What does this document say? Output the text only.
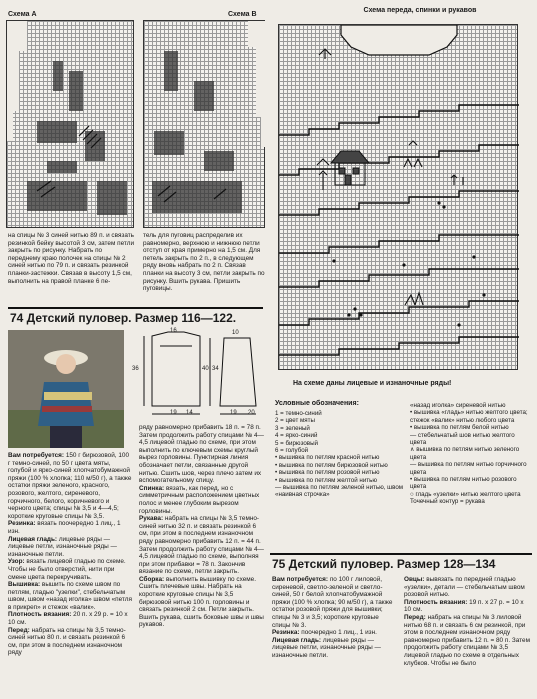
Схема А	Схема В
Схема переда, спинки и рукавов
На схеме даны лицевые и изнаночные ряды!

на спицы № 3 синей нитью 89 п. и связать резинкой бейку высотой 3 см, затем петли закрыть по рисунку. Набрать по переднему краю полочек на спицы № 2 синей нитью по 79 п. и связать резинкой планки-застежки. Связав в высоту 1,5 см, выполнить на правой планке 6 пе-

тель для пуговиц распределив их равномерно, верхнюю и нижнюю петли отступ от края примерно на 1,5 см. Для петель закрыть по 2 п., в следующем ряду вновь набрать по 2 п. Связав планки на высоту 3 см, петли закрыть по рисунку. Вшить рукава. Пришить пуговицы.

74 Детский пуловер. Размер 116—122.
16
36
19	19
10
34
14
40
20

Вам потребуется: 150 г бирюзовой, 100 г темно-синей, по 50 г цвета мяты, голубой и ярко-синей хлопчатобумажной пряжи (100 % хлопка; 110 м/50 г), а также остатки пряжи зеленого, красного, розового, желтого, сиреневого, горчичного, белого, коричневого и черного цвета; спицы № 3,5 и 4—4,5; короткие круговые спицы № 3,5.

Резинка: вязать поочередно 1 лиц., 1 изн.

Лицевая гладь: лицевые ряды — лицевые петли, изнаночные ряды — изнаночные петли.

Узор: вязать лицевой гладью по схеме. Чтобы не было отверстий, нити при смене цвета перекручивать.

Вышивка: вышить по схеме швом по петлям, гладью "узелки", стебельчатым швом, швом «назад иголка» швом «петля в прикреп» и стежок «валик».

Плотность вязания: 20 п. x 29 р. = 10 x 10 см.

Перед: набрать на спицы № 3,5 темно-синей нитью 80 п. и связать резинкой 6 см, при этом в последнем изнаночном ряду

ряду равномерно прибавить 18 п. = 78 п. Затем продолжить работу спицами № 4—4,5 лицевой гладью по схеме, при этом выполнить по ключевым схемы круглый вырез горловины. Пунктирная линия обозначает петли, связанные другой нитью. Сшить шов, через плечо затем их вспомогательному спицу.

Спинка: вязать, как перед, но с симметричным расположением цветных полос и менее глубоким вырезом горловины.

Рукава: набрать на спицы № 3,5 темно-синей нитью 32 п. и связать резинкой 6 см, при этом в последнем изнаночном ряду равномерно прибавить 12 п. = 44 п. Затем продолжить работу спицами № 4—4,5 лицевой гладью по схеме, выполняя при этом прибавки = 78 п. Закончив вязание по схеме, петли закрыть.

Сборка: выполнить вышивку по схеме. Сшить плечевые швы. Набрать на короткие круговые спицы № 3,5 бирюзовой нитью 100 п. горловины и связать резинкой 2 см. Петли закрыть. Вшить рукава, сшить боковые швы и швы рукавов.

Условные обозначения:
1 = темно-синий
2 = цвет мяты
3 = зеленый
4 = ярко-синий
5 = бирюзовый
6 = голубой
• вышивка по петлям красной нитью
• вышивка по петлям бирюзовой нитью
• вышивка по петлям розовой нитью
• вышивка по петлям желтой нитью
— вышивка по петлям зеленой нитью, швом «наивная строчка»
«назад иголка» сиреневой нитью
• вышивка «гладь» нитью желтого цвета; стежок «валик» нитью любого цвета
• вышивка по петлям белой нитью
— стебельчатый шов нитью желтого цвета
∧ вышивка по петлям нитью зеленого цвета
— вышивка по петлям нитью горчичного цвета
• вышивка по петлям нитью розового цвета
○ гладь «узелки» нитью желтого цвета
Точечный контур = рукава
75 Детский пуловер. Размер 128—134

Вам потребуется: по 100 г лиловой, сиреневой, светло-зеленой и светло-синей, 50 г белой хлопчатобумажной пряжи (100 % хлопка; 90 м/50 г), а также остатки розовой пряжи для вышивки; спицы № 3 и 3,5; короткие круговые спицы № 3.

Резинка: поочередно 1 лиц., 1 изн.

Лицевая гладь: лицевые ряды — лицевые петли, изнаночные ряды — изнаночные петли.

Овцы: вывязать по передней гладью «узелки», детали — стебельчатым швом розовой нитью.

Плотность вязания: 19 п. x 27 р. = 10 x 10 см.

Перед: набрать на спицы № 3 лиловой нитью 68 п. и связать 6 см резинкой, при этом в последнем изнаночном ряду равномерно прибавить 12 п. = 80 п. Затем продолжить работу спицами № 3,5 лицевой гладью по схеме в отдельных клубков. Чтобы не было
